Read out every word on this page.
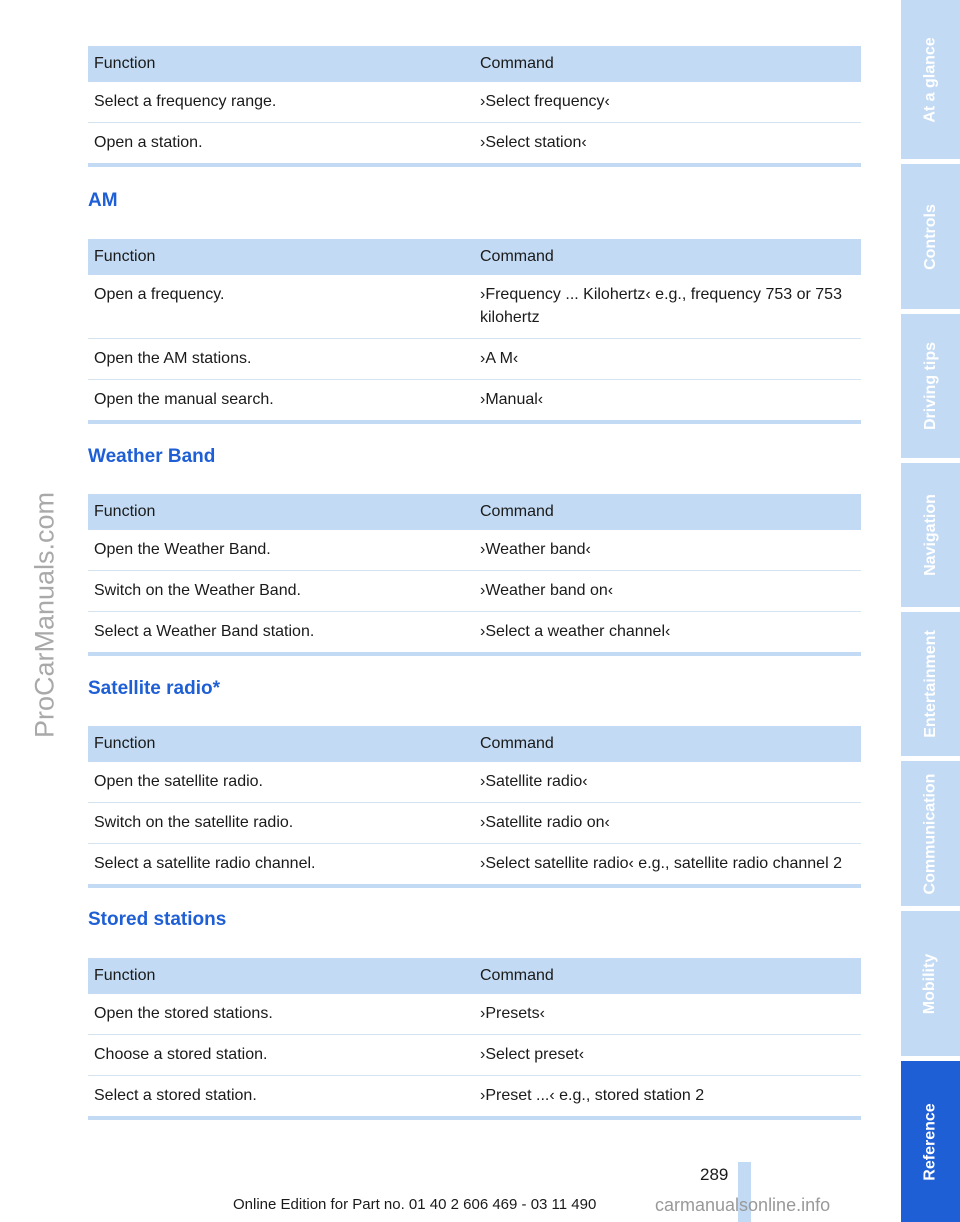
Function	Command
Select a frequency range.	›Select frequency‹
Open a station.	›Select station‹
AM
Function	Command
Open a frequency.	›Frequency ... Kilohertz‹ e.g., frequency 753 or 753 kilohertz
Open the AM stations.	›A M‹
Open the manual search.	›Manual‹
Weather Band
Function	Command
Open the Weather Band.	›Weather band‹
Switch on the Weather Band.	›Weather band on‹
Select a Weather Band station.	›Select a weather channel‹
Satellite radio*
Function	Command
Open the satellite radio.	›Satellite radio‹
Switch on the satellite radio.	›Satellite radio on‹
Select a satellite radio channel.	›Select satellite radio‹ e.g., satellite radio channel 2
Stored stations
Function	Command
Open the stored stations.	›Presets‹
Choose a stored station.	›Select preset‹
Select a stored station.	›Preset ...‹ e.g., stored station 2
At a glance
Controls
Driving tips
Navigation
Entertainment
Communication
Mobility
Reference
ProCarManuals.com
289
Online Edition for Part no. 01 40 2 606 469 - 03 11 490	carmanualsonline.info
